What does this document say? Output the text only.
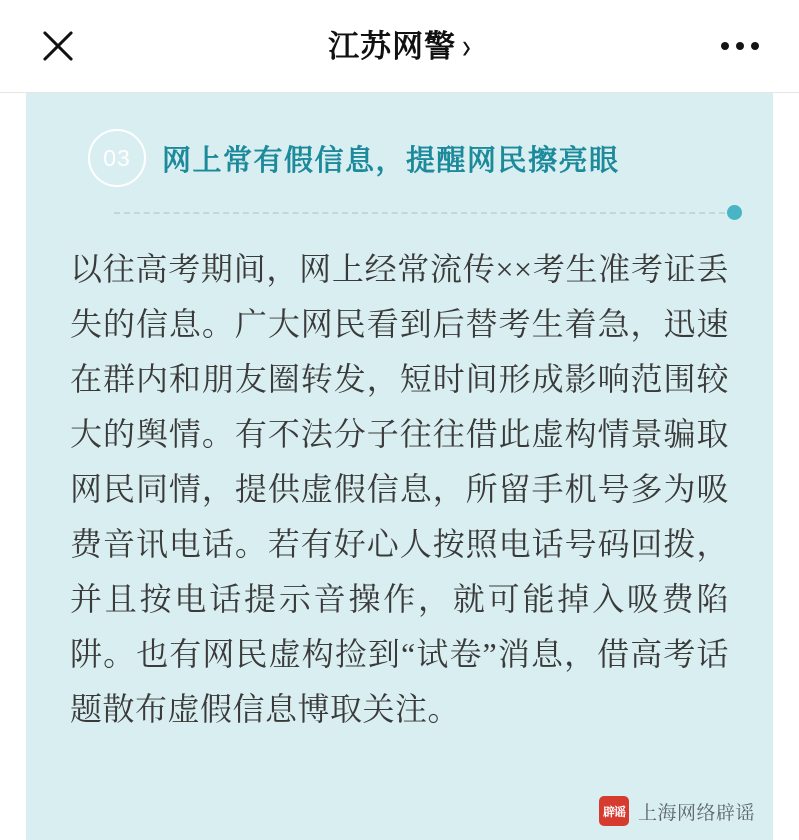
江苏网警 ›
03	网上常有假信息，提醒网民擦亮眼
以往高考期间，网上经常流传××考生准考证丢失的信息。广大网民看到后替考生着急，迅速在群内和朋友圈转发，短时间形成影响范围较大的舆情。有不法分子往往借此虚构情景骗取网民同情，提供虚假信息，所留手机号多为吸费音讯电话。若有好心人按照电话号码回拨，并且按电话提示音操作，就可能掉入吸费陷阱。也有网民虚构捡到“试卷”消息，借高考话题散布虚假信息博取关注。
辟谣 上海网络辟谣
